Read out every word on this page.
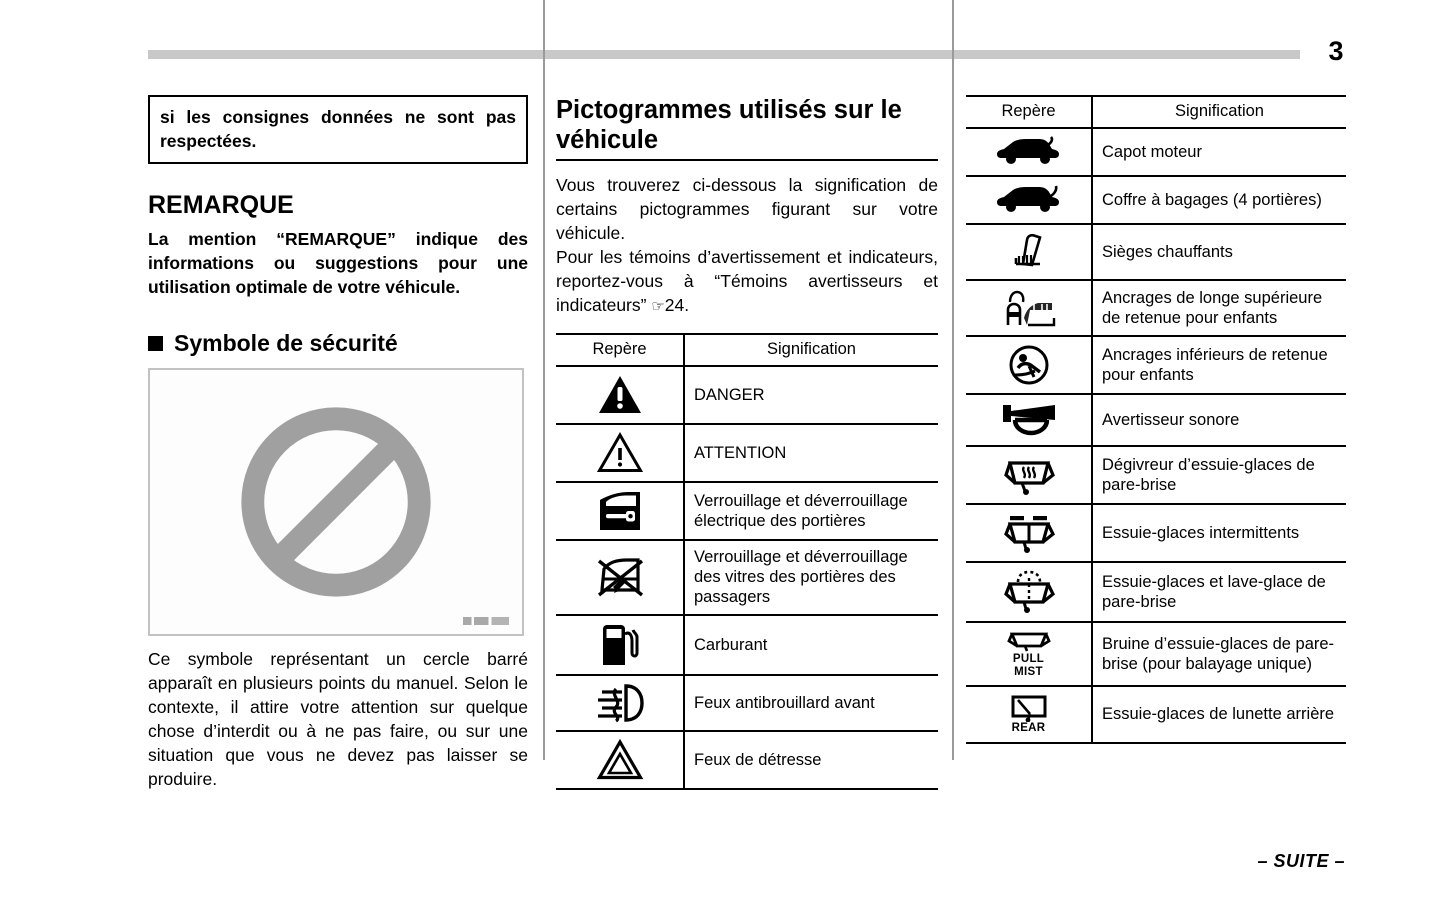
3

si les consignes données ne sont pas respectées.

REMARQUE

La mention “REMARQUE” indique des informations ou suggestions pour une utilisation optimale de votre véhicule.

Symbole de sécurité

Ce symbole représentant un cercle barré apparaît en plusieurs points du manuel. Selon le contexte, il attire votre attention sur quelque chose d’interdit ou à ne pas faire, ou sur une situation que vous ne devez pas laisser se produire.

Pictogrammes utilisés sur le véhicule

Vous trouverez ci-dessous la signification de certains pictogrammes figurant sur votre véhicule.

Pour les témoins d’avertissement et indicateurs, reportez-vous à “Témoins avertisseurs et indicateurs” ☞24.

Repère	Signification

	DANGER

	ATTENTION

	Verrouillage et déverrouillage électrique des portières

	Verrouillage et déverrouillage des vitres des portières des passagers

	Carburant

	Feux antibrouillard avant

	Feux de détresse
Repère	Signification

	Capot moteur

	Coffre à bagages (4 portières)

	Sièges chauffants

	Ancrages de longe supérieure de retenue pour enfants

	Ancrages inférieurs de retenue pour enfants

	Avertisseur sonore

	Dégivreur d’essuie-glaces de pare-brise

	Essuie-glaces intermittents

	Essuie-glaces et lave-glace de pare-brise

PULL
MIST	Bruine d’essuie-glaces de pare-brise (pour balayage unique)

REAR	Essuie-glaces de lunette arrière
– SUITE –
